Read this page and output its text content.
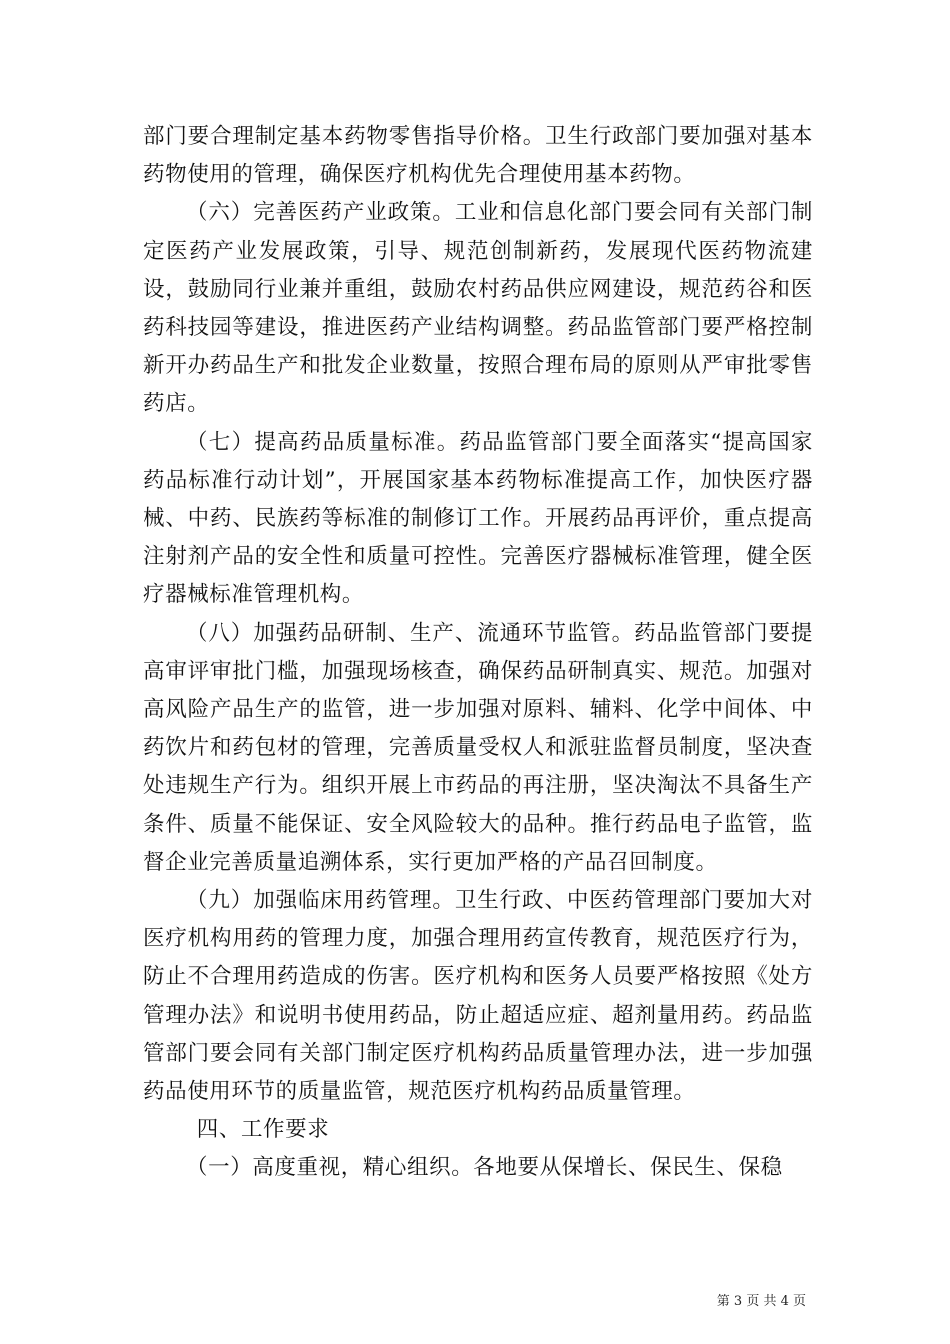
部门要合理制定基本药物零售指导价格。卫生行政部门要加强对基本药物使用的管理，确保医疗机构优先合理使用基本药物。

（六）完善医药产业政策。工业和信息化部门要会同有关部门制定医药产业发展政策，引导、规范创制新药，发展现代医药物流建设，鼓励同行业兼并重组，鼓励农村药品供应网建设，规范药谷和医药科技园等建设，推进医药产业结构调整。药品监管部门要严格控制新开办药品生产和批发企业数量，按照合理布局的原则从严审批零售药店。

（七）提高药品质量标准。药品监管部门要全面落实“提高国家药品标准行动计划”，开展国家基本药物标准提高工作，加快医疗器械、中药、民族药等标准的制修订工作。开展药品再评价，重点提高注射剂产品的安全性和质量可控性。完善医疗器械标准管理，健全医疗器械标准管理机构。

（八）加强药品研制、生产、流通环节监管。药品监管部门要提高审评审批门槛，加强现场核查，确保药品研制真实、规范。加强对高风险产品生产的监管，进一步加强对原料、辅料、化学中间体、中药饮片和药包材的管理，完善质量受权人和派驻监督员制度，坚决查处违规生产行为。组织开展上市药品的再注册，坚决淘汰不具备生产条件、质量不能保证、安全风险较大的品种。推行药品电子监管，监督企业完善质量追溯体系，实行更加严格的产品召回制度。

（九）加强临床用药管理。卫生行政、中医药管理部门要加大对医疗机构用药的管理力度，加强合理用药宣传教育，规范医疗行为，防止不合理用药造成的伤害。医疗机构和医务人员要严格按照《处方管理办法》和说明书使用药品，防止超适应症、超剂量用药。药品监管部门要会同有关部门制定医疗机构药品质量管理办法，进一步加强药品使用环节的质量监管，规范医疗机构药品质量管理。

四、工作要求

（一）高度重视，精心组织。各地要从保增长、保民生、保稳

第 3 页 共 4 页
